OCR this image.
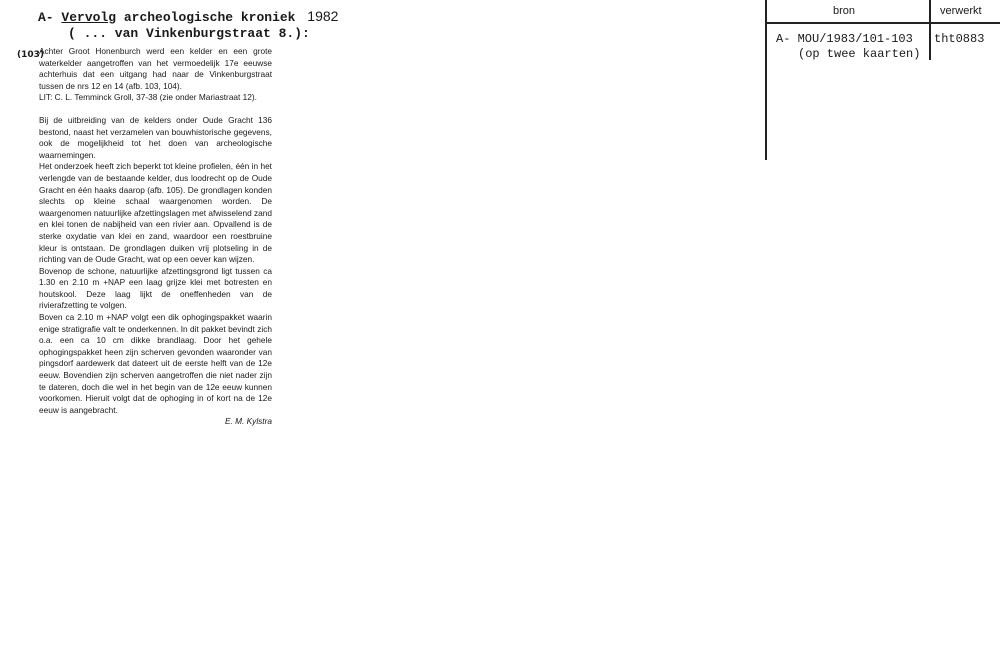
A- Vervolg archeologische kroniek 1982
( ... van Vinkenburgstraat 8.):
(103)

Achter Groot Honenburch werd een kelder en een grote waterkelder aangetroffen van het vermoedelijk 17e eeuwse achterhuis dat een uitgang had naar de Vinkenburgstraat tussen de nrs 12 en 14 (afb. 103, 104).

LIT: C. L. Temminck Groll, 37-38 (zie onder Mariastraat 12).

Bij de uitbreiding van de kelders onder Oude Gracht 136 bestond, naast het verzamelen van bouwhistorische gegevens, ook de mogelijkheid tot het doen van archeologische waarnemingen.

Het onderzoek heeft zich beperkt tot kleine profielen, één in het verlengde van de bestaande kelder, dus loodrecht op de Oude Gracht en één haaks daarop (afb. 105). De grondlagen konden slechts op kleine schaal waargenomen worden. De waargenomen natuurlijke afzettingslagen met afwisselend zand en klei tonen de nabijheid van een rivier aan. Opvallend is de sterke oxydatie van klei en zand, waardoor een roestbruine kleur is ontstaan. De grondlagen duiken vrij plotseling in de richting van de Oude Gracht, wat op een oever kan wijzen.

Bovenop de schone, natuurlijke afzettingsgrond ligt tussen ca 1.30 en 2.10 m +NAP een laag grijze klei met botresten en houtskool. Deze laag lijkt de oneffenheden van de rivierafzetting te volgen.

Boven ca 2.10 m +NAP volgt een dik ophogingspakket waarin enige stratigrafie valt te onderkennen. In dit pakket bevindt zich o.a. een ca 10 cm dikke brandlaag. Door het gehele ophogingspakket heen zijn scherven gevonden waaronder van pingsdorf aardewerk dat dateert uit de eerste helft van de 12e eeuw. Bovendien zijn scherven aangetroffen die niet nader zijn te dateren, doch die wel in het begin van de 12e eeuw kunnen voorkomen. Hieruit volgt dat de ophoging in of kort na de 12e eeuw is aangebracht.

E. M. Kylstra

bron	verwerkt
A- MOU/1983/101-103
(op twee kaarten)
tht0883
